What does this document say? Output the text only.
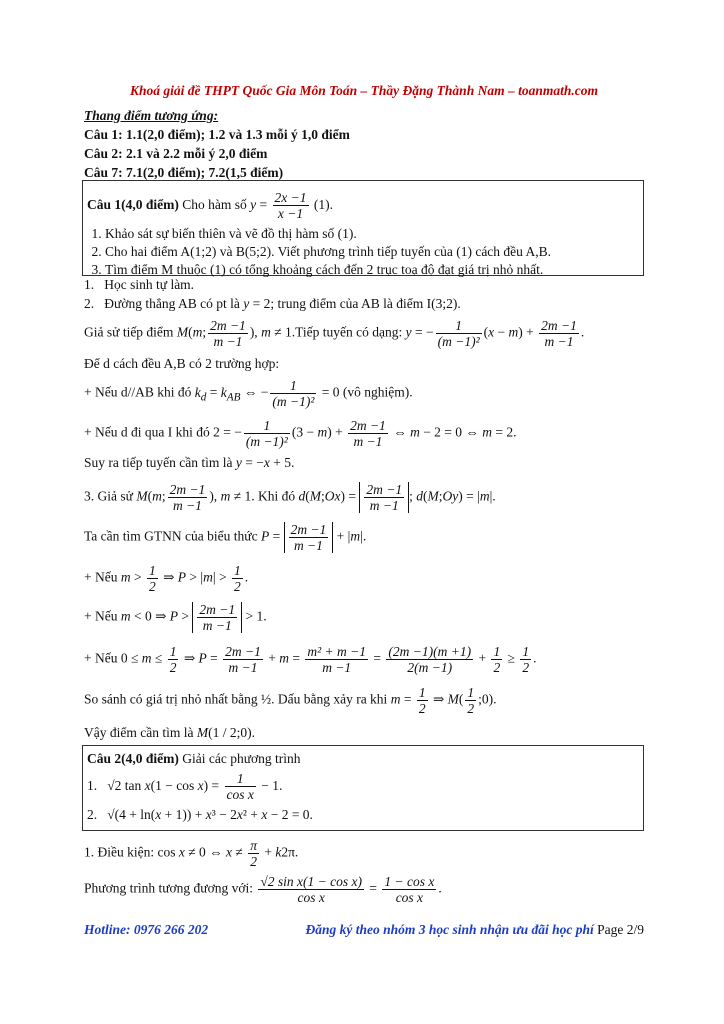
Khoá giải đề THPT Quốc Gia Môn Toán – Thầy Đặng Thành Nam – toanmath.com
Thang điểm tương ứng:
Câu 1: 1.1(2,0 điểm); 1.2 và 1.3 mỗi ý 1,0 điểm
Câu 2: 2.1 và 2.2 mỗi ý 2,0 điểm
Câu 7: 7.1(2,0 điểm); 7.2(1,5 điểm)
Câu 1(4,0 điểm) Cho hàm số $y = \frac{2x -1}{x -1} (1)$.
1. Khảo sát sự biến thiên và vẽ đồ thị hàm số (1).
2. Cho hai điểm A(1;2) và B(5;2). Viết phương trình tiếp tuyến của (1) cách đều A,B.
3. Tìm điểm M thuộc (1) có tổng khoảng cách đến 2 trục toạ độ đạt giá trị nhỏ nhất.
1.   Học sinh tự làm.
2.   Đường thẳng AB có pt là y = 2; trung điểm của AB là điểm I(3;2).
Giả sử tiếp điểm M(m; $\frac{2m -1}{m -1}$ ), m ≠ 1.Tiếp tuyến có dạng: y = − $\frac{1}{\text{(m −1)²}} (x - m) + \frac{2m -1}{m -1}$ .
Để d cách đều A,B có 2 trường hợp:
+ Nếu d//AB khi đó $k_d = k_{AB}$ ⇔ − $\frac{1}{\text{(m −1)²}} = 0$ (vô nghiệm).
+ Nếu d đi qua I khi đó 2 = − $\frac{1}{\text{(m −1)²}} (3 - m) + \frac{2m -1}{m -1}$ ⇔ m − 2 = 0 ⇔ m = 2.
Suy ra tiếp tuyến cần tìm là y = −x + 5.
3. Giả sử M(m; $\frac{2m -1}{m -1}$ ), m ≠ 1. Khi đó d(M;Ox) = $\frac{2m -1}{m -1}$ ; d(M;Oy) = |m|.
Ta cần tìm GTNN của biểu thức $P = \frac{2m -1}{m -1} + |m|$.
+ Nếu $m > \frac{1}{2}$ ⇒ $P > |m| > \frac{1}{2}$ .
+ Nếu m < 0 ⇒ $P > \frac{2m -1}{m -1} > 1$.
+ Nếu $0 \le m \le \frac{1}{2}$ ⇒ $P = \frac{2m -1}{m -1} + m = \frac{\text{m² + m −1}}{m -1} = \frac{(2m -1)(m +1)}{2(m -1)} + \frac{1}{2} \ge \frac{1}{2}$ .
So sánh có giá trị nhỏ nhất bằng ½. Dấu bằng xảy ra khi $m = \frac{1}{2}$ ⇒ $M( \frac{1}{2}$ ;0).
Vậy điểm cần tìm là M(1 / 2;0).
Câu 2(4,0 điểm) Giải các phương trình
1.   √2 $\tan x(1 - \cos x) = \frac{1}{\text{cos x}} - 1$.
2.   √(4 + ln(x + 1)) + x³ − 2x² + x − 2 = 0.
1. Điều kiện: cos x ≠ 0 ⇔ $x \ne \frac{\pi}{2} + k2\pi$.
Phương trình tương đương với: $\frac{\text{√2 sin x(1 − cos x)}}{\text{cos x}} = \frac{\text{1 − cos x}}{\text{cos x}}$ .
Hotline: 0976 266 202	Đăng ký theo nhóm 3 học sinh nhận ưu đãi học phí Page 2/9
